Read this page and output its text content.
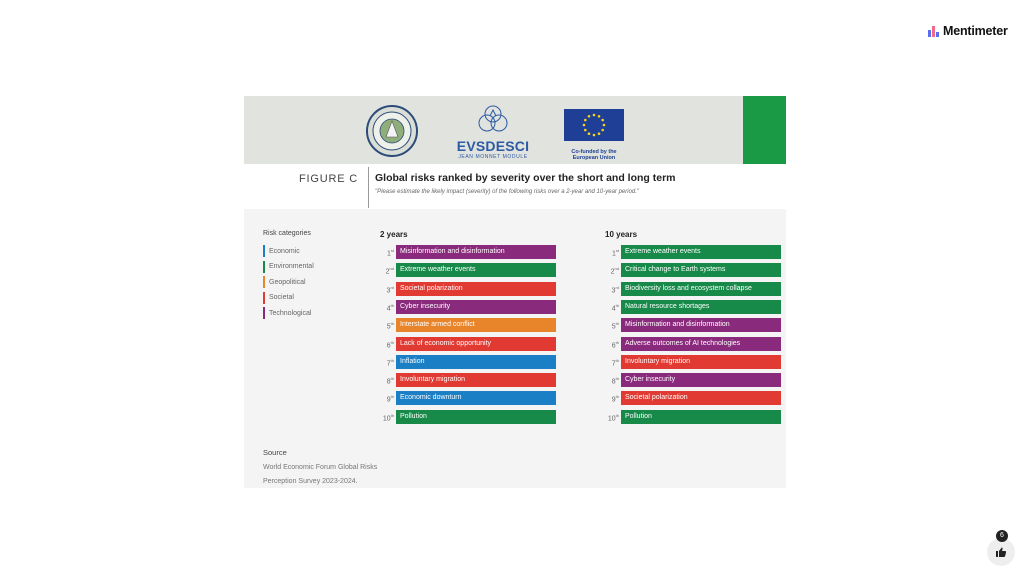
Mentimeter
EVSDESCI
JEAN MONNET MODULE
Co-funded by the European Union
FIGURE C Global risks ranked by severity over the short and long term
"Please estimate the likely impact (severity) of the following risks over a 2-year and 10-year period."
Risk categories
Economic
Environmental
Geopolitical
Societal
Technological
2 years
1st Misinformation and disinformation
2nd Extreme weather events
3rd Societal polarization
4th Cyber insecurity
5th Interstate armed conflict
6th Lack of economic opportunity
7th Inflation
8th Involuntary migration
9th Economic downturn
10th Pollution
10 years
1st Extreme weather events
2nd Critical change to Earth systems
3rd Biodiversity loss and ecosystem collapse
4th Natural resource shortages
5th Misinformation and disinformation
6th Adverse outcomes of AI technologies
7th Involuntary migration
8th Cyber insecurity
9th Societal polarization
10th Pollution
Source
World Economic Forum Global Risks Perception Survey 2023-2024.
6
